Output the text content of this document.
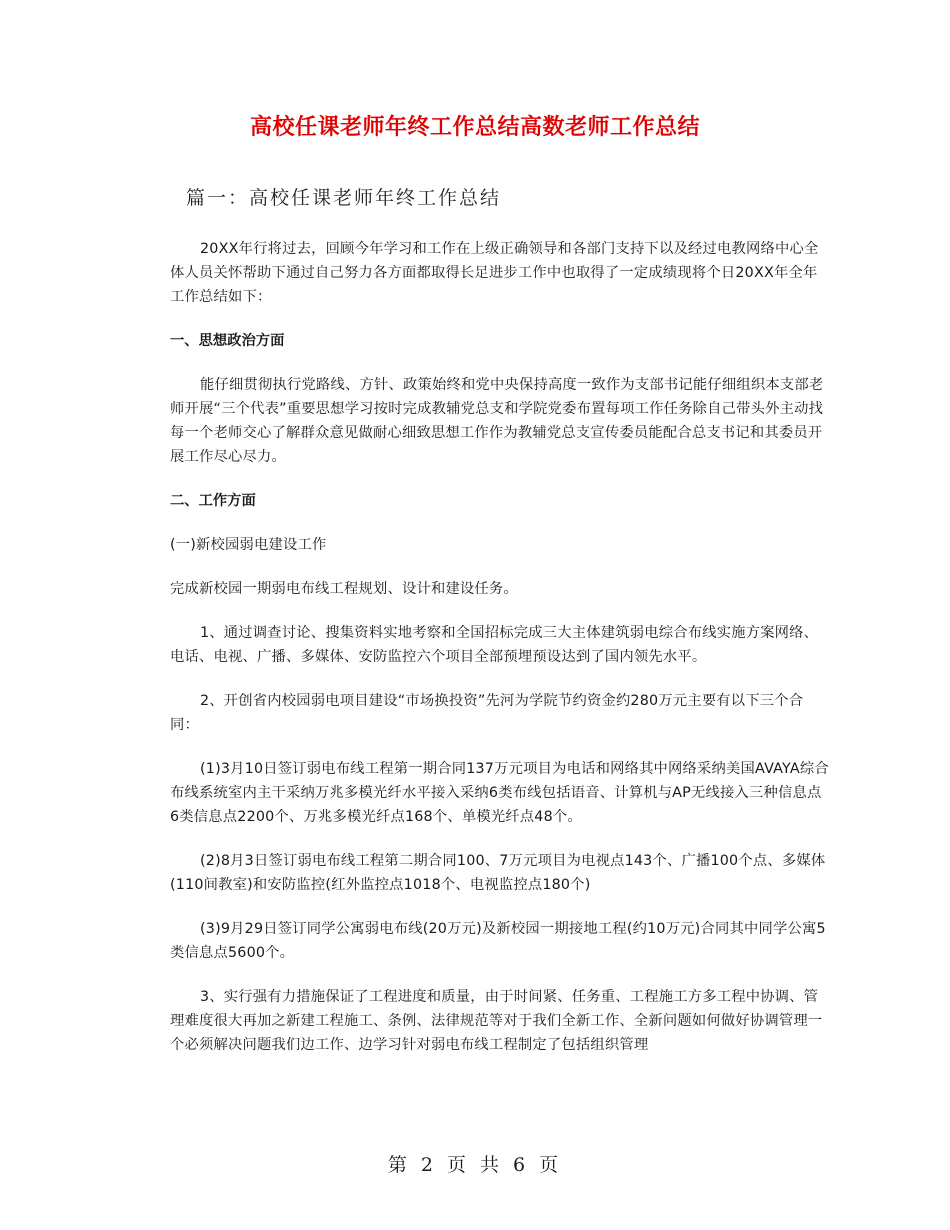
高校任课老师年终工作总结高数老师工作总结
篇一：高校任课老师年终工作总结

20XX年行将过去，回顾今年学习和工作在上级正确领导和各部门支持下以及经过电教网络中心全体人员关怀帮助下通过自己努力各方面都取得长足进步工作中也取得了一定成绩现将个日20XX年全年工作总结如下：

一、思想政治方面

能仔细贯彻执行党路线、方针、政策始终和党中央保持高度一致作为支部书记能仔细组织本支部老师开展“三个代表”重要思想学习按时完成教辅党总支和学院党委布置每项工作任务除自己带头外主动找每一个老师交心了解群众意见做耐心细致思想工作作为教辅党总支宣传委员能配合总支书记和其委员开展工作尽心尽力。

二、工作方面

(一)新校园弱电建设工作

完成新校园一期弱电布线工程规划、设计和建设任务。

1、通过调查讨论、搜集资料实地考察和全国招标完成三大主体建筑弱电综合布线实施方案网络、电话、电视、广播、多媒体、安防监控六个项目全部预埋预设达到了国内领先水平。

2、开创省内校园弱电项目建设“市场换投资”先河为学院节约资金约280万元主要有以下三个合同：

(1)3月10日签订弱电布线工程第一期合同137万元项目为电话和网络其中网络采纳美国AVAYA综合布线系统室内主干采纳万兆多模光纤水平接入采纳6类布线包括语音、计算机与AP无线接入三种信息点6类信息点2200个、万兆多模光纤点168个、单模光纤点48个。

(2)8月3日签订弱电布线工程第二期合同100、7万元项目为电视点143个、广播100个点、多媒体(110间教室)和安防监控(红外监控点1018个、电视监控点180个)

(3)9月29日签订同学公寓弱电布线(20万元)及新校园一期接地工程(约10万元)合同其中同学公寓5类信息点5600个。

3、实行强有力措施保证了工程进度和质量，由于时间紧、任务重、工程施工方多工程中协调、管理难度很大再加之新建工程施工、条例、法律规范等对于我们全新工作、全新问题如何做好协调管理一个必须解决问题我们边工作、边学习针对弱电布线工程制定了包括组织管理

第 2 页 共 6 页
